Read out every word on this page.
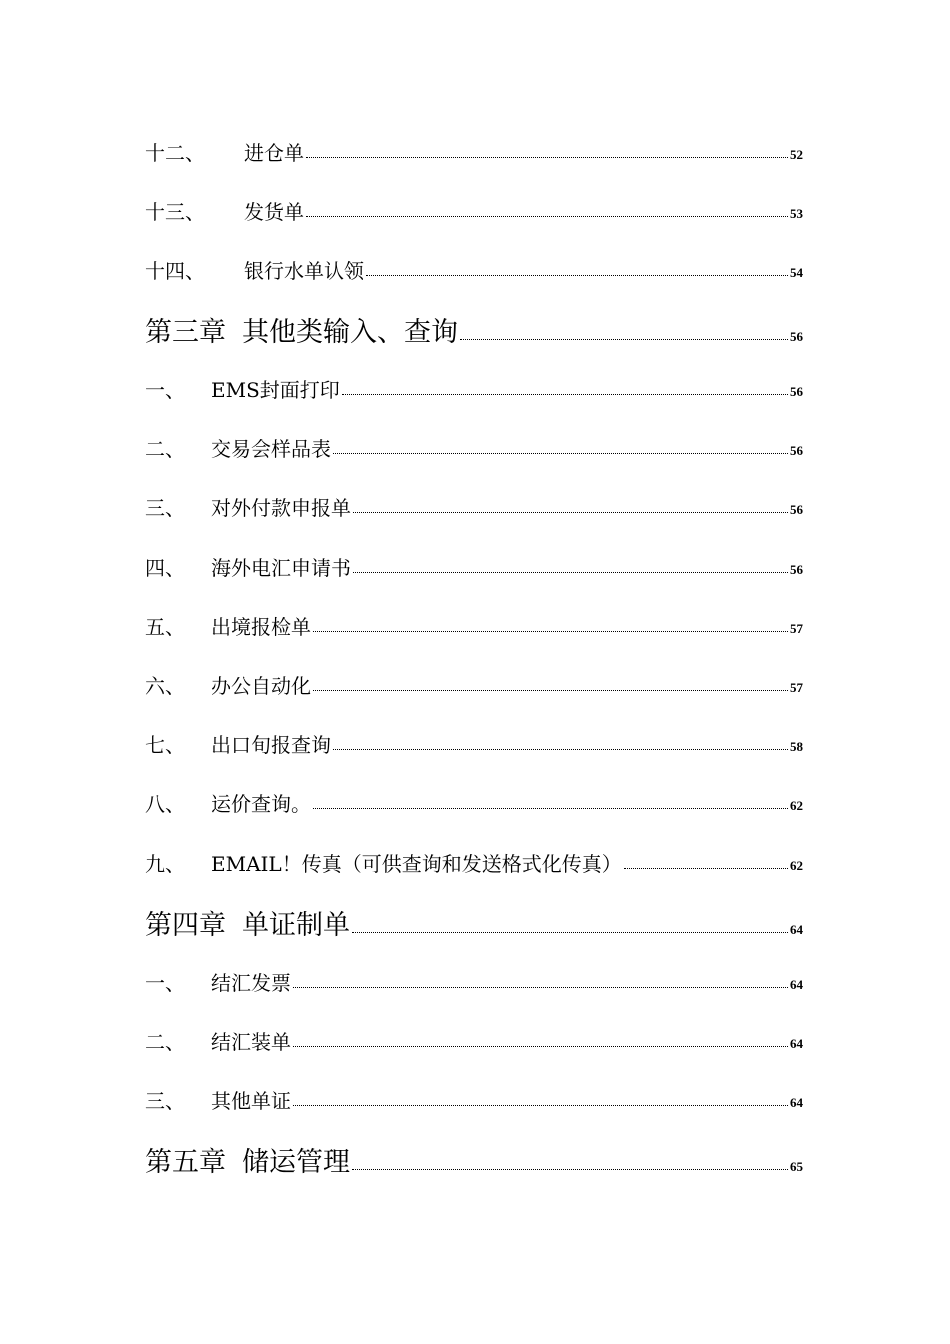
十二、	进仓单	52
十三、	发货单	53
十四、	银行水单认领	54
第三章 其他类输入、查询	56
一、	EMS封面打印	56
二、	交易会样品表	56
三、	对外付款申报单	56
四、	海外电汇申请书	56
五、	出境报检单	57
六、	办公自动化	57
七、	出口旬报查询	58
八、	运价查询。	62
九、	EMAIL！传真（可供查询和发送格式化传真）	62
第四章 单证制单	64
一、	结汇发票	64
二、	结汇装单	64
三、	其他单证	64
第五章 储运管理	65
